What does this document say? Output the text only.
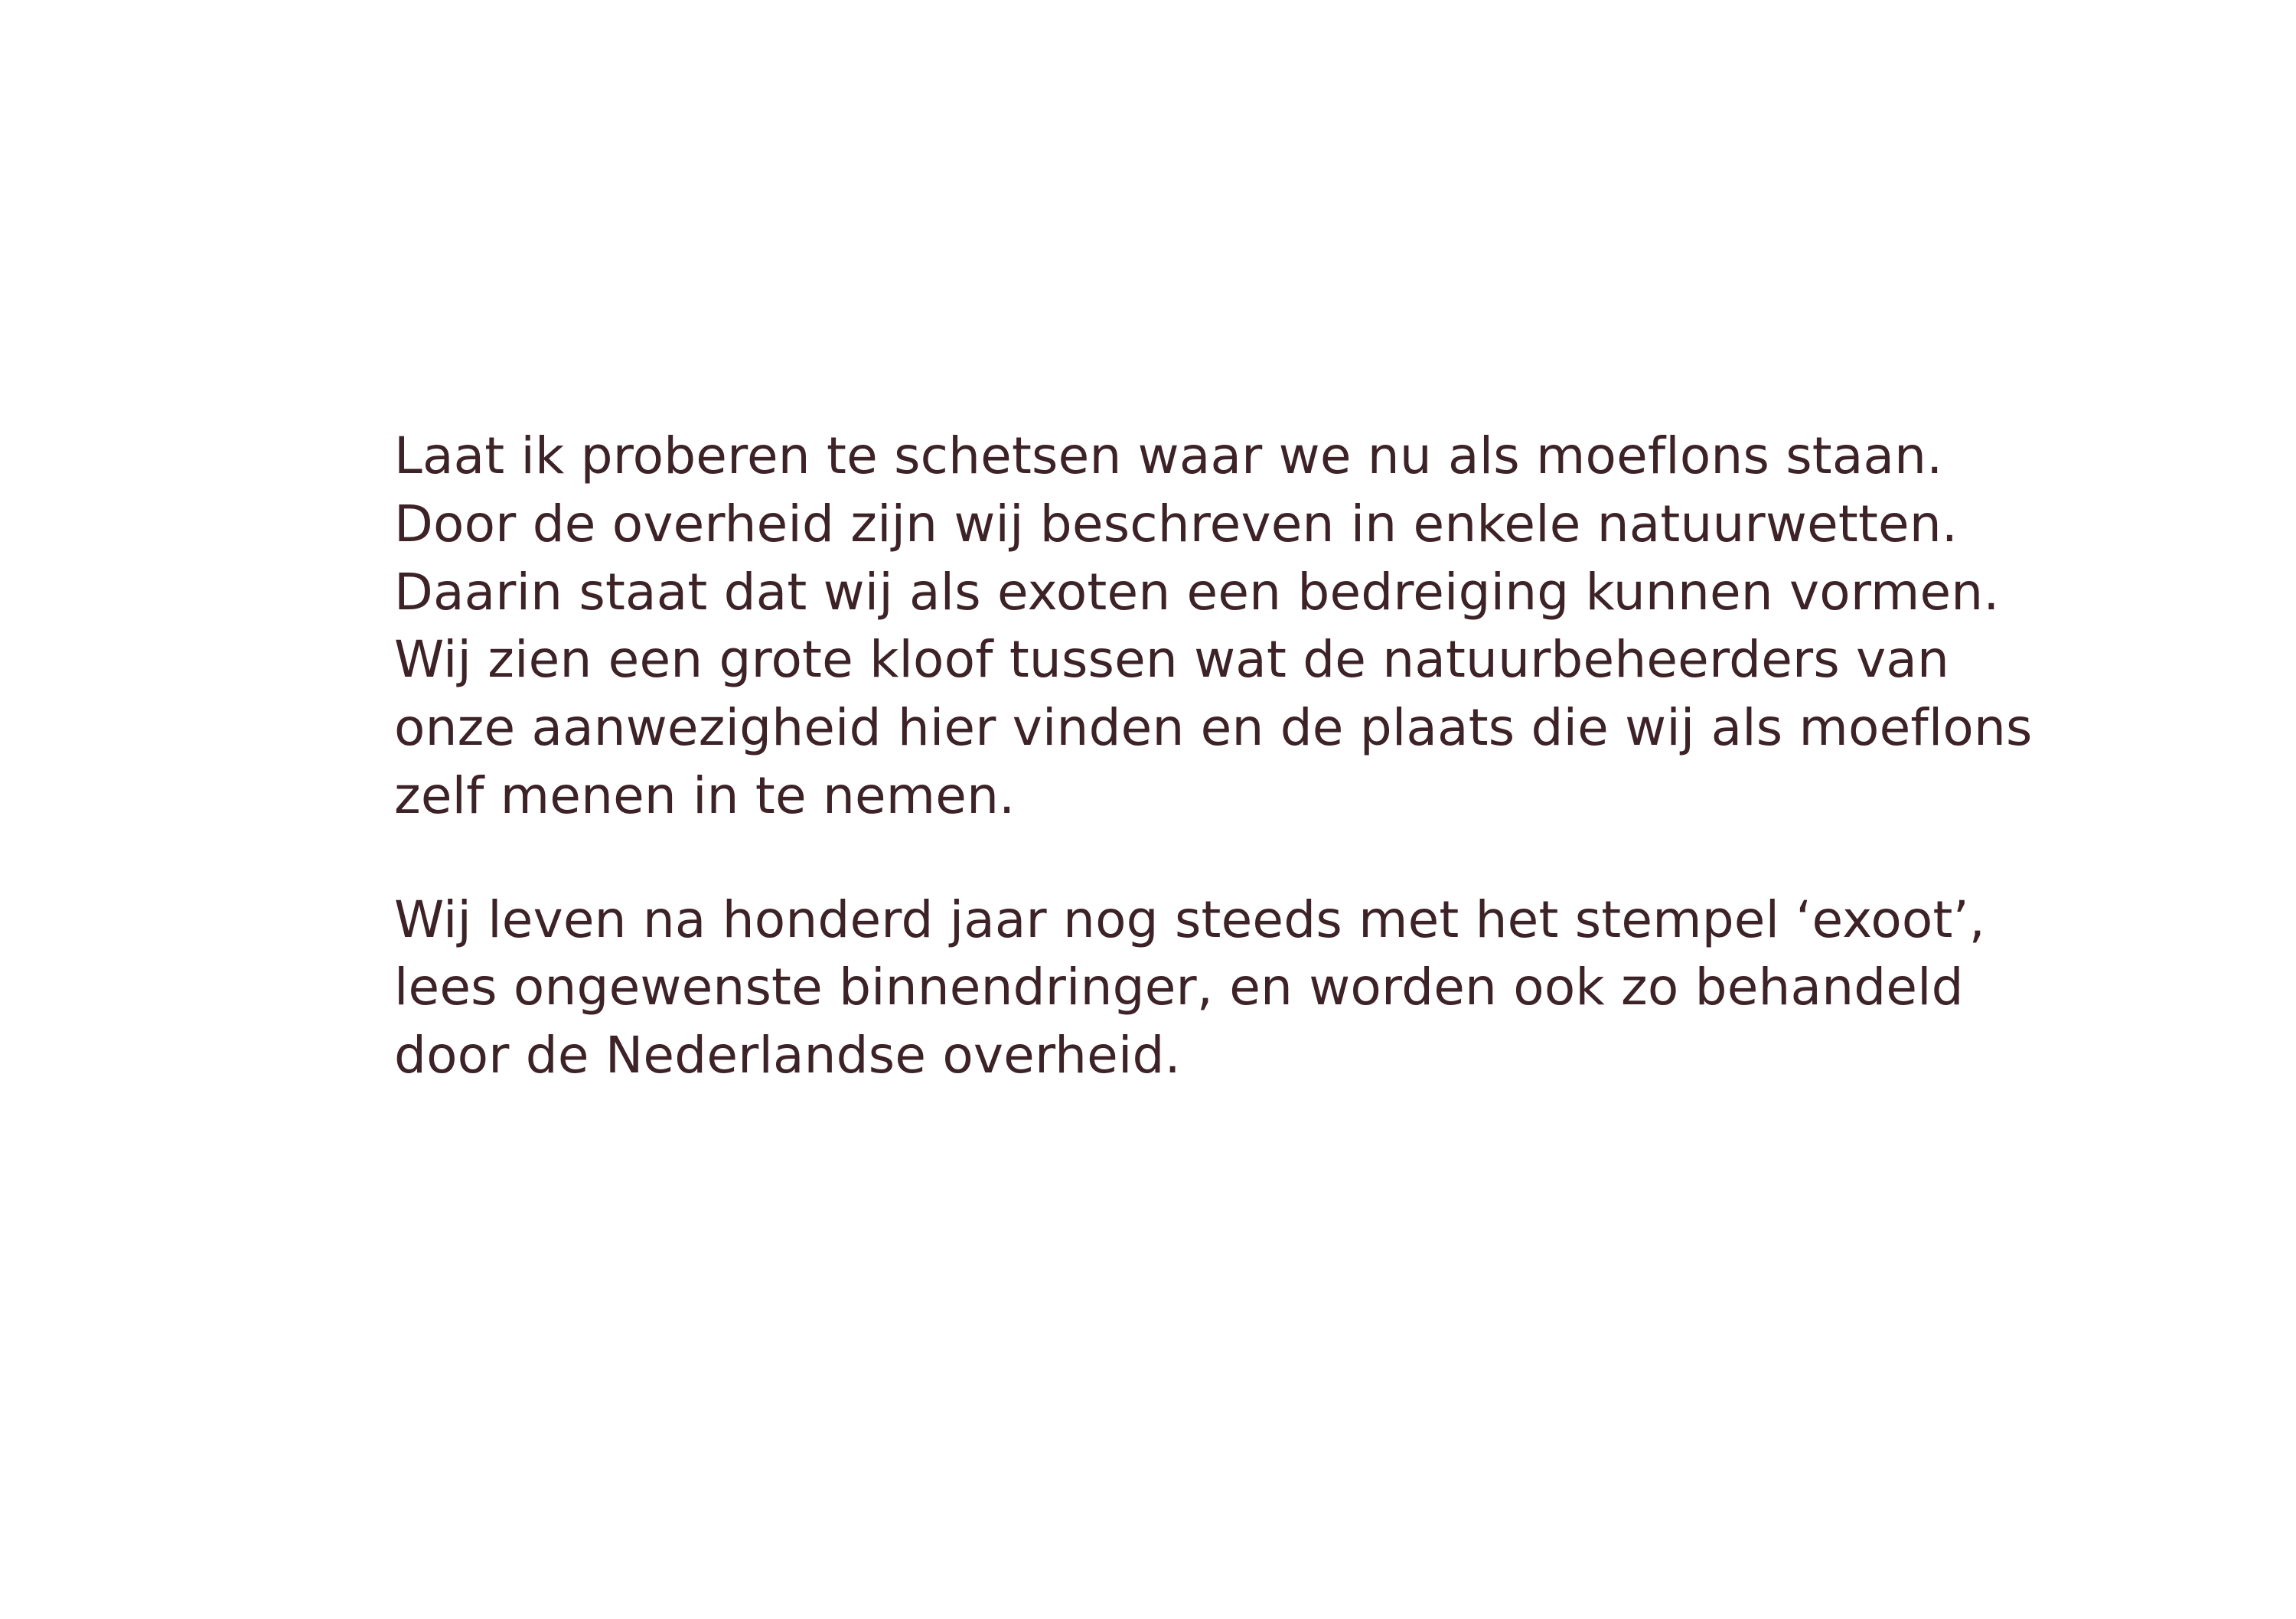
Laat ik proberen te schetsen waar we nu als moeflons staan. Door de overheid zijn wij beschreven in enkele natuurwetten. Daarin staat dat wij als exoten een bedreiging kunnen vormen. Wij zien een grote kloof tussen wat de natuurbeheerders van onze aanwezigheid hier vinden en de plaats die wij als moeflons zelf menen in te nemen.

Wij leven na honderd jaar nog steeds met het stempel ‘exoot’, lees ongewenste binnendringer, en worden ook zo behandeld door de Nederlandse overheid.
